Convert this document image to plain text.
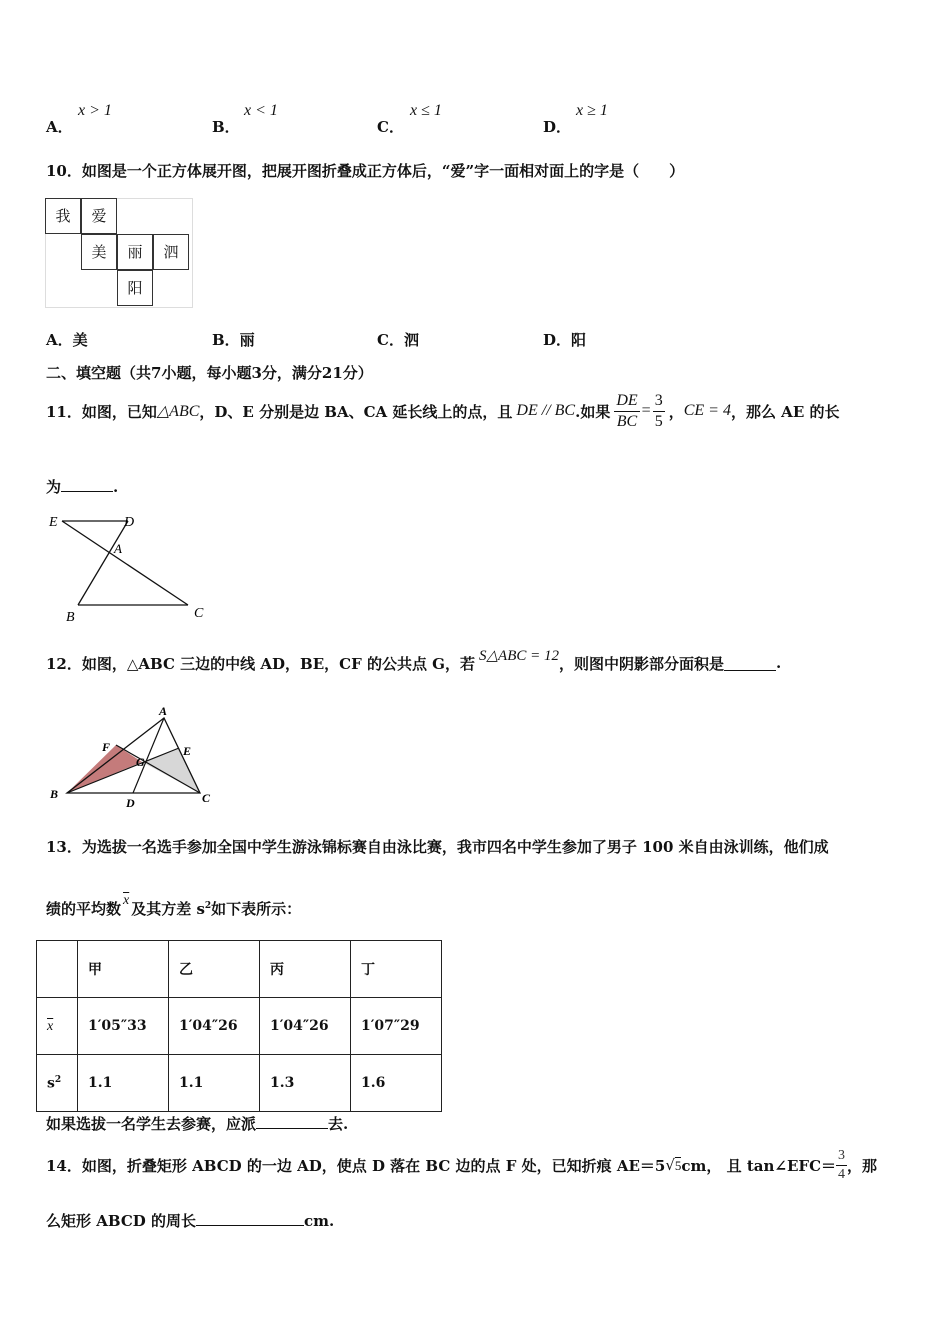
A．
x > 1
B．
x < 1
C．
x ≤ 1
D．
x ≥ 1
10．如图是一个正方体展开图，把展开图折叠成正方体后，“爱”字一面相对面上的字是（　　）
我	爱
美	丽	泗
阳
A．美	B．丽	C．泗	D．阳
二、填空题（共7小题，每小题3分，满分21分）
11．如图，已知 △ABC ，D、E 分别是边 BA、CA 延长线上的点，且 DE // BC .如果 $\frac{DE}{BC} = \frac{3}{5}$ ， CE = 4 ，那么 AE 的长
为	.
E	D
A
B	C
12．如图，△ABC 三边的中线 AD，BE，CF 的公共点 G，若 S△ABC = 12 ，则图中阴影部分面积是	.
A
F	E
G
B
D	C
13．为选拔一名选手参加全国中学生游泳锦标赛自由泳比赛，我市四名中学生参加了男子 100 米自由泳训练，他们成
绩的平均数 $\overline{x}$ 及其方差 $s^2$如下表所示：
	甲	乙	丙	丁
$\overline{x}$	1′05″33	1′04″26	1′04″26	1′07″29
$s^2$	1.1	1.1	1.3	1.6
如果选拔一名学生去参赛，应派	去.
14．如图，折叠矩形 ABCD 的一边 AD，使点 D 落在 BC 边的点 F 处，已知折痕 AE＝5 √ 5 cm， 且 tan∠EFC＝ $\frac{3}{4}$ ，那
么矩形 ABCD 的周长	cm.
